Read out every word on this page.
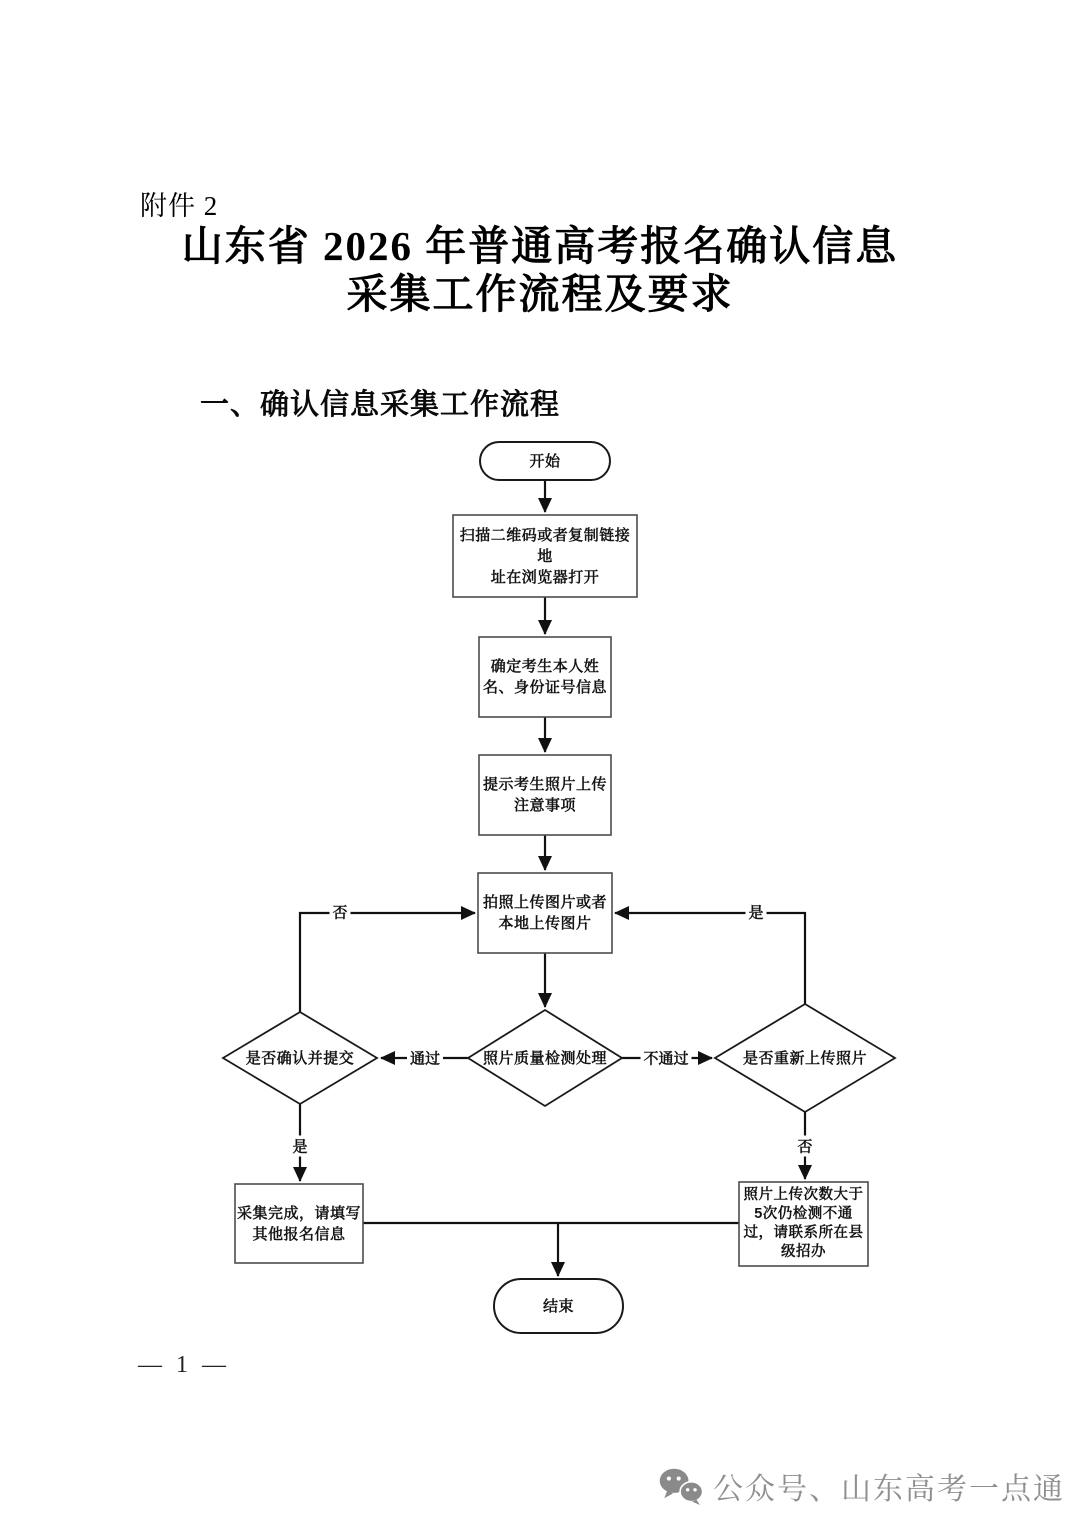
附件 2
山东省 2026 年普通高考报名确认信息
采集工作流程及要求
一、确认信息采集工作流程
开始
扫描二维码或者复制链接地
址在浏览器打开
确定考生本人姓
名、身份证号信息
提示考生照片上传
注意事项
拍照上传图片或者
本地上传图片
照片质量检测处理
是否确认并提交	是否重新上传照片
采集完成，请填写
其他报名信息
照片上传次数大于
5次仍检测不通
过，请联系所在县
级招办
结束
否	是
通过	不通过
是	否
— 1 —
公众号、山东高考一点通
